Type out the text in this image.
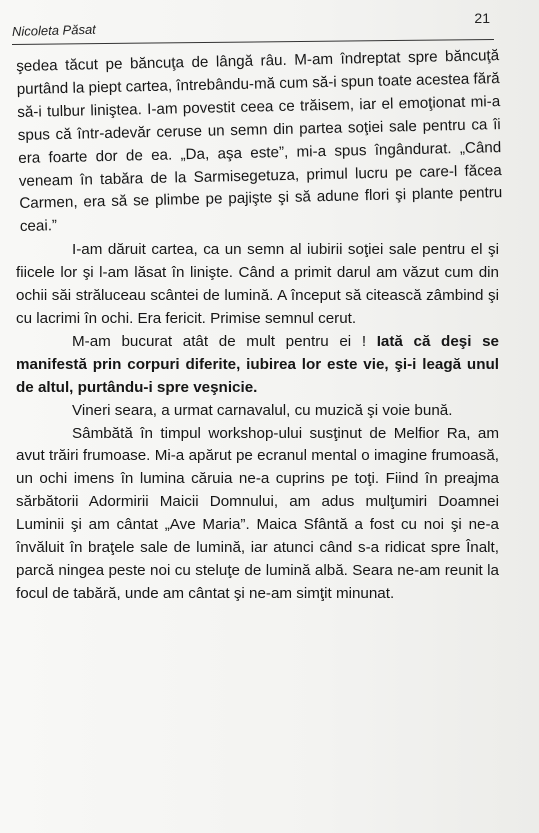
Nicoleta Păsat
21

şedea tăcut pe băncuţa de lângă râu. M-am îndreptat spre băncuţă purtând la piept cartea, întrebându-mă cum să-i spun toate acestea fără să-i tulbur liniştea. I-am povestit ceea ce trăisem, iar el emoţionat mi-a spus că într-adevăr ceruse un semn din partea soţiei sale pentru ca îi era foarte dor de ea. „Da, aşa este”, mi-a spus îngândurat. „Când veneam în tabăra de la Sarmisegetuza, primul lucru pe care-l făcea Carmen, era să se plimbe pe pajişte şi să adune flori şi plante pentru ceai.”

I-am dăruit cartea, ca un semn al iubirii soţiei sale pentru el şi fiicele lor şi l-am lăsat în linişte. Când a primit darul am văzut cum din ochii săi străluceau scântei de lumină. A început să citească zâmbind şi cu lacrimi în ochi. Era fericit. Primise semnul cerut.

M-am bucurat atât de mult pentru ei ! Iată că deşi se manifestă prin corpuri diferite, iubirea lor este vie, şi-i leagă unul de altul, purtându-i spre veşnicie.

Vineri seara, a urmat carnavalul, cu muzică şi voie bună.

Sâmbătă în timpul workshop-ului susţinut de Melfior Ra, am avut trăiri frumoase. Mi-a apărut pe ecranul mental o imagine frumoasă, un ochi imens în lumina căruia ne-a cuprins pe toţi. Fiind în preajma sărbătorii Adormirii Maicii Domnului, am adus mulţumiri Doamnei Luminii şi am cântat „Ave Maria”. Maica Sfântă a fost cu noi şi ne-a învăluit în braţele sale de lumină, iar atunci când s-a ridicat spre Înalt, parcă ningea peste noi cu steluţe de lumină albă. Seara ne-am reunit la focul de tabără, unde am cântat şi ne-am simţit minunat.
